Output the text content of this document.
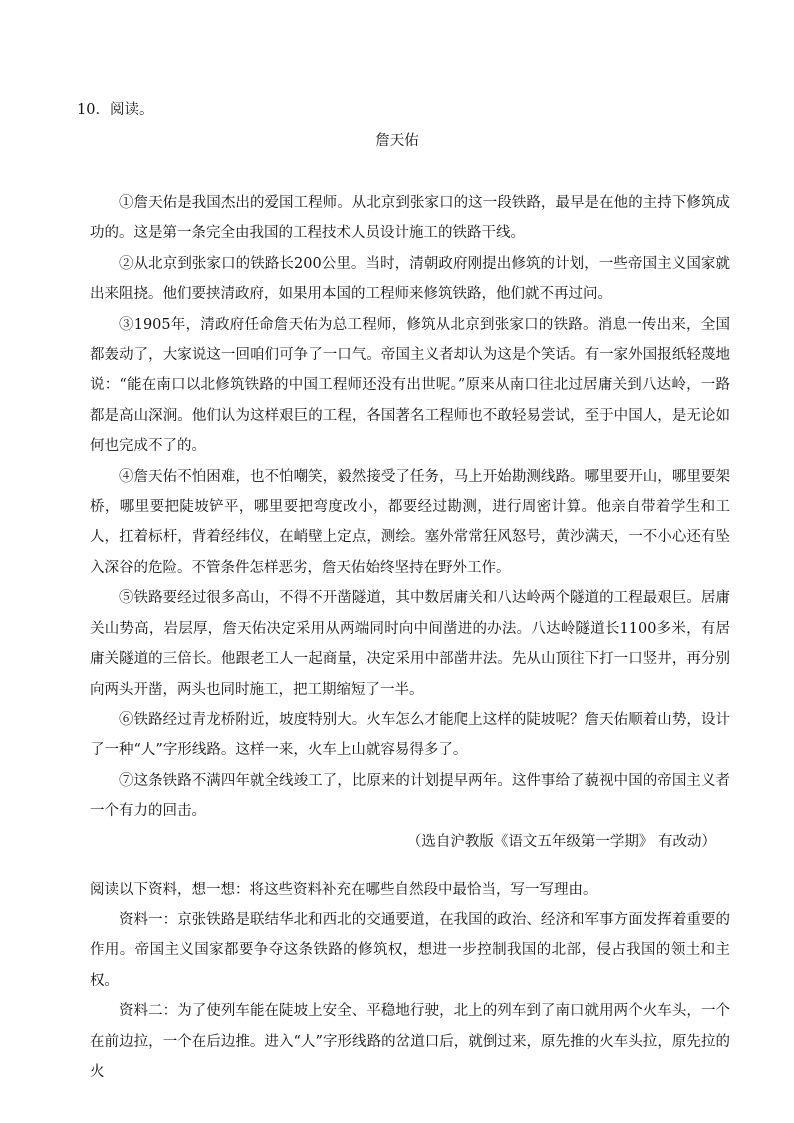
10．阅读。
詹天佑

①詹天佑是我国杰出的爱国工程师。从北京到张家口的这一段铁路，最早是在他的主持下修筑成功的。这是第一条完全由我国的工程技术人员设计施工的铁路干线。

②从北京到张家口的铁路长200公里。当时，清朝政府刚提出修筑的计划，一些帝国主义国家就出来阻挠。他们要挟清政府，如果用本国的工程师来修筑铁路，他们就不再过问。

③1905年，清政府任命詹天佑为总工程师，修筑从北京到张家口的铁路。消息一传出来，全国都轰动了，大家说这一回咱们可争了一口气。帝国主义者却认为这是个笑话。有一家外国报纸轻蔑地说：“能在南口以北修筑铁路的中国工程师还没有出世呢。”原来从南口往北过居庸关到八达岭，一路都是高山深涧。他们认为这样艰巨的工程，各国著名工程师也不敢轻易尝试，至于中国人，是无论如何也完成不了的。

④詹天佑不怕困难，也不怕嘲笑，毅然接受了任务，马上开始勘测线路。哪里要开山，哪里要架桥，哪里要把陡坡铲平，哪里要把弯度改小，都要经过勘测，进行周密计算。他亲自带着学生和工人，扛着标杆，背着经纬仪，在峭壁上定点，测绘。塞外常常狂风怒号，黄沙满天，一不小心还有坠入深谷的危险。不管条件怎样恶劣，詹天佑始终坚持在野外工作。

⑤铁路要经过很多高山，不得不开凿隧道，其中数居庸关和八达岭两个隧道的工程最艰巨。居庸关山势高，岩层厚，詹天佑决定采用从两端同时向中间凿进的办法。八达岭隧道长1100多米，有居庸关隧道的三倍长。他跟老工人一起商量，决定采用中部凿井法。先从山顶往下打一口竖井，再分别向两头开凿，两头也同时施工，把工期缩短了一半。

⑥铁路经过青龙桥附近，坡度特别大。火车怎么才能爬上这样的陡坡呢？詹天佑顺着山势，设计了一种“人”字形线路。这样一来，火车上山就容易得多了。

⑦这条铁路不满四年就全线竣工了，比原来的计划提早两年。这件事给了藐视中国的帝国主义者一个有力的回击。

（选自沪教版《语文五年级第一学期》 有改动）

阅读以下资料，想一想：将这些资料补充在哪些自然段中最恰当，写一写理由。

资料一：京张铁路是联结华北和西北的交通要道，在我国的政治、经济和军事方面发挥着重要的作用。帝国主义国家都要争夺这条铁路的修筑权，想进一步控制我国的北部，侵占我国的领土和主权。

资料二：为了使列车能在陡坡上安全、平稳地行驶，北上的列车到了南口就用两个火车头，一个在前边拉，一个在后边推。进入“人”字形线路的岔道口后，就倒过来，原先推的火车头拉，原先拉的火
